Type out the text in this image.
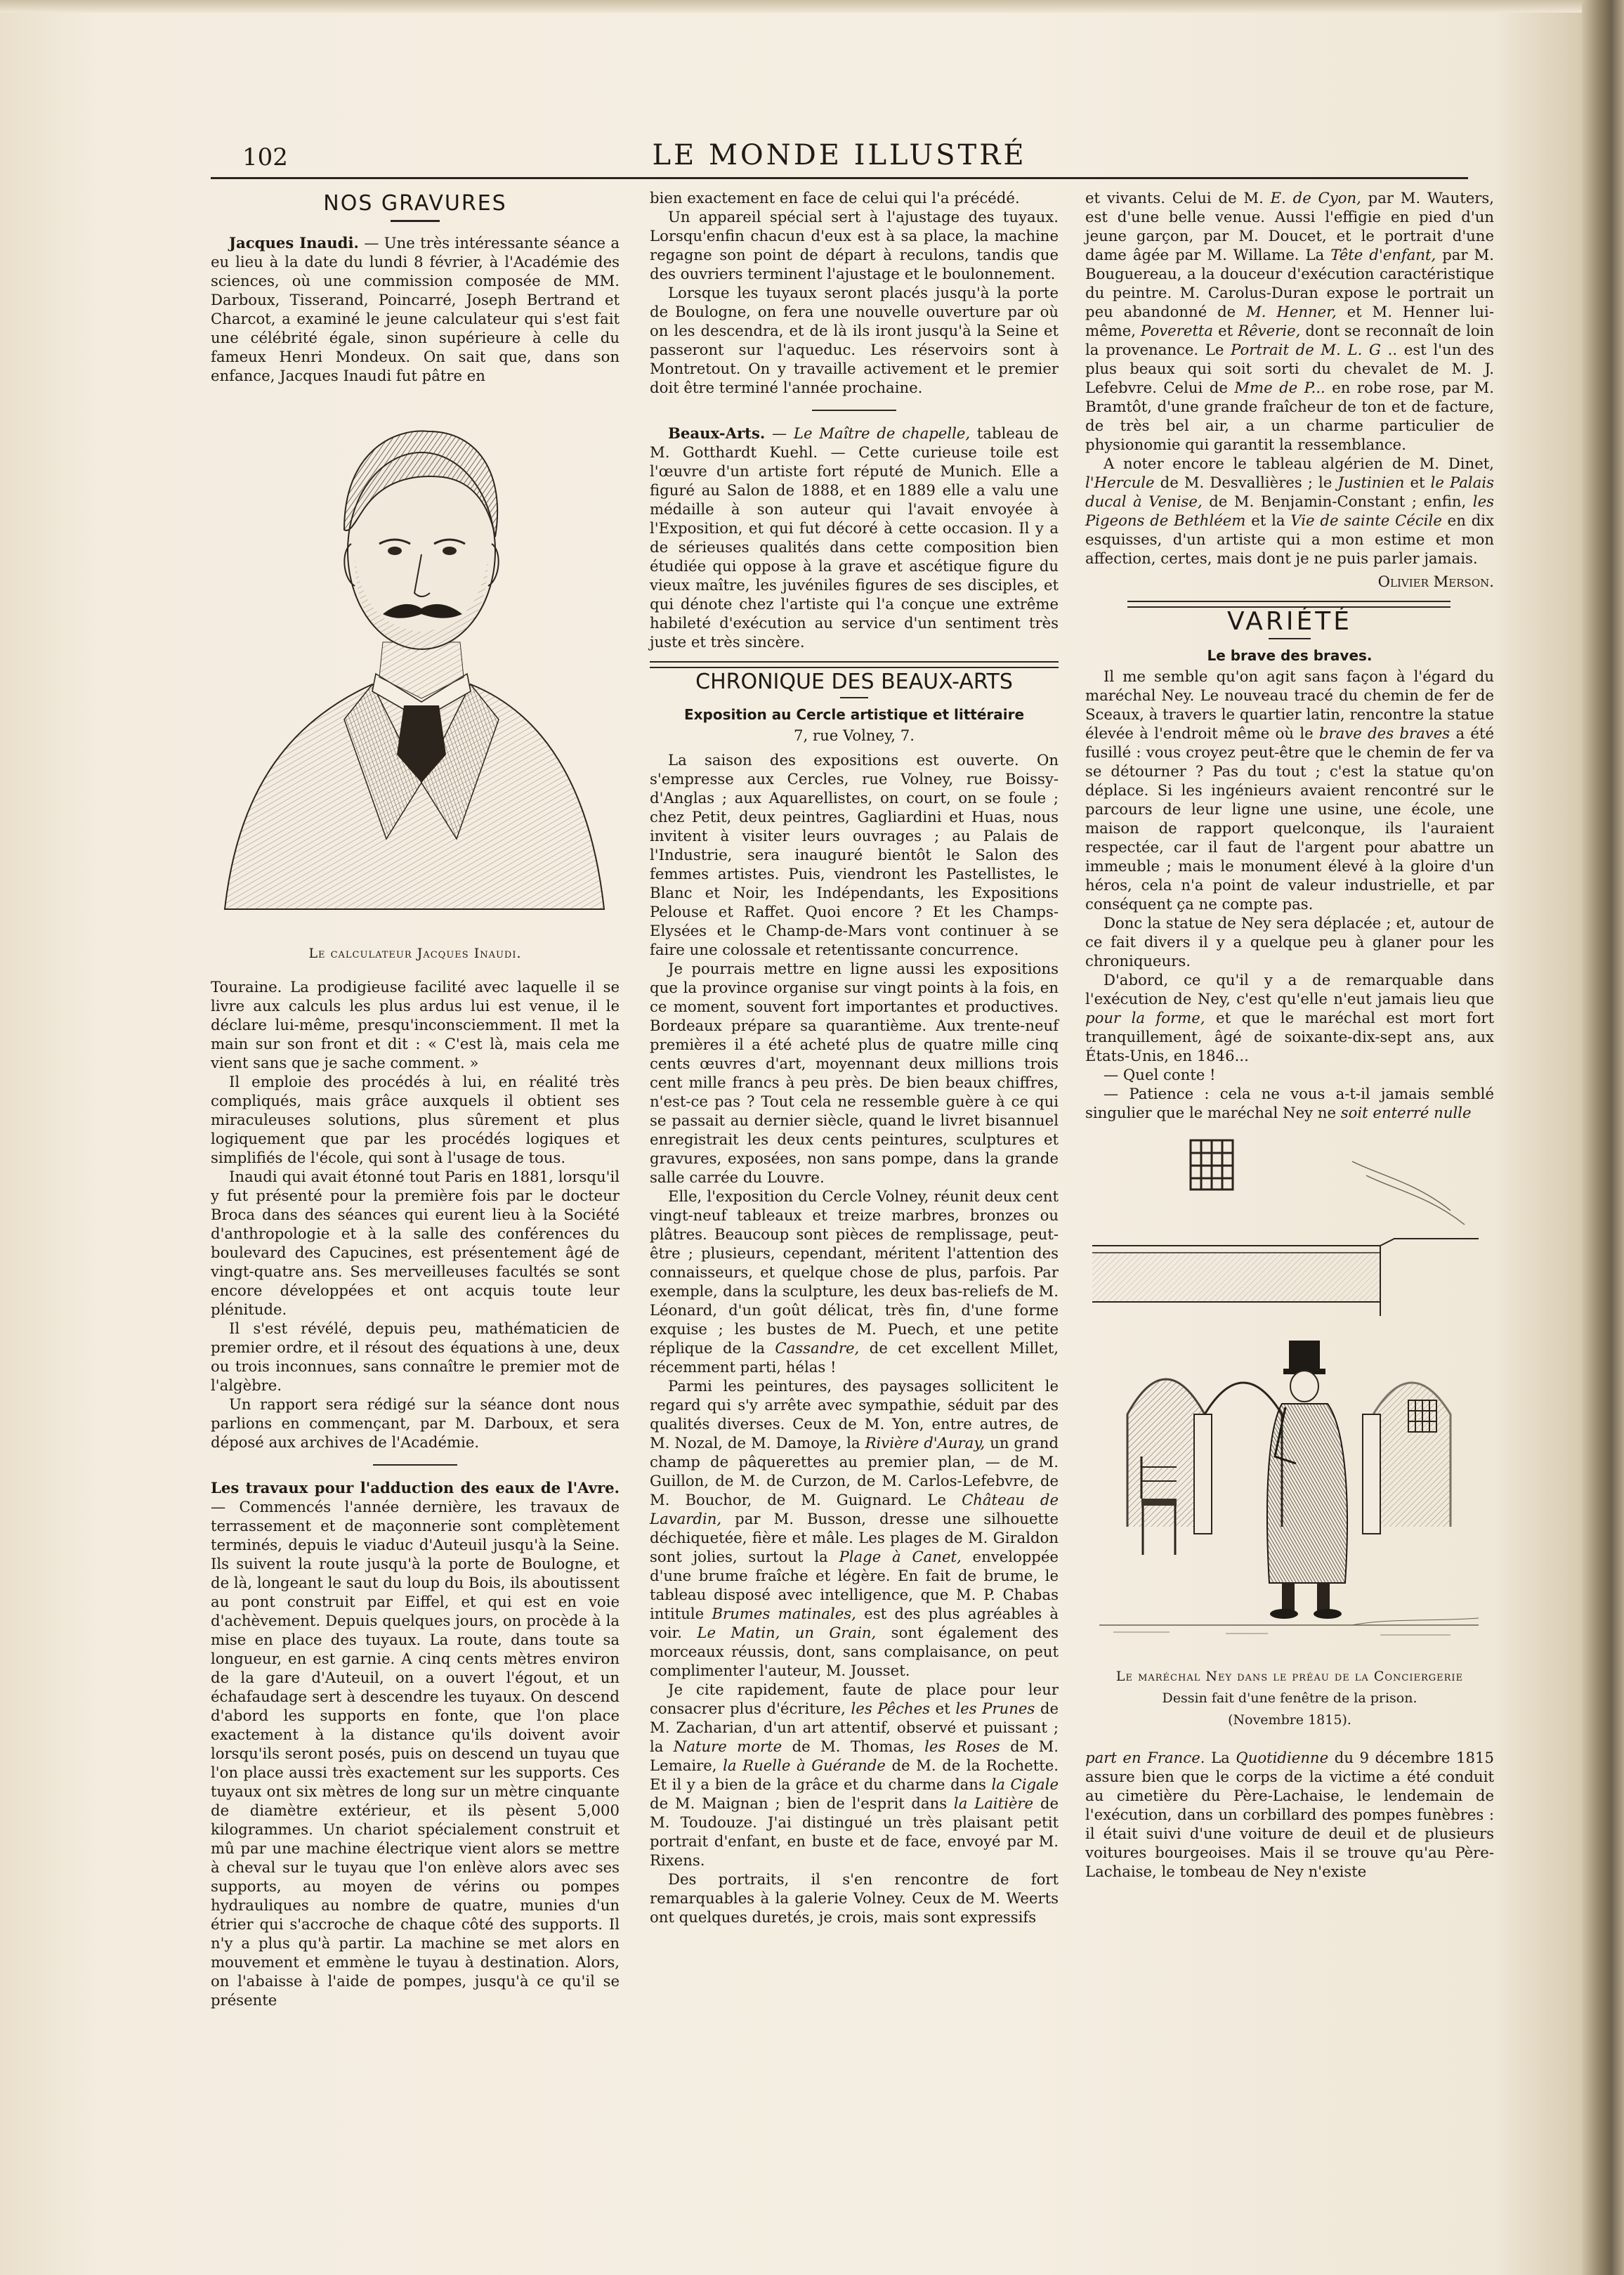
102	LE MONDE ILLUSTRÉ
NOS GRAVURES

Jacques Inaudi. — Une très intéressante séance a eu lieu à la date du lundi 8 février, à l'Académie des sciences, où une commission composée de MM. Darboux, Tisserand, Poincarré, Joseph Bertrand et Charcot, a examiné le jeune calculateur qui s'est fait une célébrité égale, sinon supérieure à celle du fameux Henri Mondeux. On sait que, dans son enfance, Jacques Inaudi fut pâtre en

Le calculateur Jacques Inaudi.

Touraine. La prodigieuse facilité avec laquelle il se livre aux calculs les plus ardus lui est venue, il le déclare lui-même, presqu'inconsciemment. Il met la main sur son front et dit : « C'est là, mais cela me vient sans que je sache comment. »

Il emploie des procédés à lui, en réalité très compliqués, mais grâce auxquels il obtient ses miraculeuses solutions, plus sûrement et plus logiquement que par les procédés logiques et simplifiés de l'école, qui sont à l'usage de tous.

Inaudi qui avait étonné tout Paris en 1881, lorsqu'il y fut présenté pour la première fois par le docteur Broca dans des séances qui eurent lieu à la Société d'anthropologie et à la salle des conférences du boulevard des Capucines, est présentement âgé de vingt-quatre ans. Ses merveilleuses facultés se sont encore développées et ont acquis toute leur plénitude.

Il s'est révélé, depuis peu, mathématicien de premier ordre, et il résout des équations à une, deux ou trois inconnues, sans connaître le premier mot de l'algèbre.

Un rapport sera rédigé sur la séance dont nous parlions en commençant, par M. Darboux, et sera déposé aux archives de l'Académie.

Les travaux pour l'adduction des eaux de l'Avre.— Commencés l'année dernière, les travaux de terrassement et de maçonnerie sont complètement terminés, depuis le viaduc d'Auteuil jusqu'à la Seine. Ils suivent la route jusqu'à la porte de Boulogne, et de là, longeant le saut du loup du Bois, ils aboutissent au pont construit par Eiffel, et qui est en voie d'achèvement. Depuis quelques jours, on procède à la mise en place des tuyaux. La route, dans toute sa longueur, en est garnie. A cinq cents mètres environ de la gare d'Auteuil, on a ouvert l'égout, et un échafaudage sert à descendre les tuyaux. On descend d'abord les supports en fonte, que l'on place exactement à la distance qu'ils doivent avoir lorsqu'ils seront posés, puis on descend un tuyau que l'on place aussi très exactement sur les supports. Ces tuyaux ont six mètres de long sur un mètre cinquante de diamètre extérieur, et ils pèsent 5,000 kilogrammes. Un chariot spécialement construit et mû par une machine électrique vient alors se mettre à cheval sur le tuyau que l'on enlève alors avec ses supports, au moyen de vérins ou pompes hydrauliques au nombre de quatre, munies d'un étrier qui s'accroche de chaque côté des supports. Il n'y a plus qu'à partir. La machine se met alors en mouvement et emmène le tuyau à destination. Alors, on l'abaisse à l'aide de pompes, jusqu'à ce qu'il se présente

bien exactement en face de celui qui l'a précédé.

Un appareil spécial sert à l'ajustage des tuyaux. Lorsqu'enfin chacun d'eux est à sa place, la machine regagne son point de départ à reculons, tandis que des ouvriers terminent l'ajustage et le boulonnement.

Lorsque les tuyaux seront placés jusqu'à la porte de Boulogne, on fera une nouvelle ouverture par où on les descendra, et de là ils iront jusqu'à la Seine et passeront sur l'aqueduc. Les réservoirs sont à Montretout. On y travaille activement et le premier doit être terminé l'année prochaine.

Beaux-Arts. — Le Maître de chapelle, tableau de M. Gotthardt Kuehl. — Cette curieuse toile est l'œuvre d'un artiste fort réputé de Munich. Elle a figuré au Salon de 1888, et en 1889 elle a valu une médaille à son auteur qui l'avait envoyée à l'Exposition, et qui fut décoré à cette occasion. Il y a de sérieuses qualités dans cette composition bien étudiée qui oppose à la grave et ascétique figure du vieux maître, les juvéniles figures de ses disciples, et qui dénote chez l'artiste qui l'a conçue une extrême habileté d'exécution au service d'un sentiment très juste et très sincère.

CHRONIQUE DES BEAUX-ARTS
Exposition au Cercle artistique et littéraire
7, rue Volney, 7.

La saison des expositions est ouverte. On s'empresse aux Cercles, rue Volney, rue Boissy-d'Anglas ; aux Aquarellistes, on court, on se foule ; chez Petit, deux peintres, Gagliardini et Huas, nous invitent à visiter leurs ouvrages ; au Palais de l'Industrie, sera inauguré bientôt le Salon des femmes artistes. Puis, viendront les Pastellistes, le Blanc et Noir, les Indépendants, les Expositions Pelouse et Raffet. Quoi encore ? Et les Champs-Elysées et le Champ-de-Mars vont continuer à se faire une colossale et retentissante concurrence.

Je pourrais mettre en ligne aussi les expositions que la province organise sur vingt points à la fois, en ce moment, souvent fort importantes et productives. Bordeaux prépare sa quarantième. Aux trente-neuf premières il a été acheté plus de quatre mille cinq cents œuvres d'art, moyennant deux millions trois cent mille francs à peu près. De bien beaux chiffres, n'est-ce pas ? Tout cela ne ressemble guère à ce qui se passait au dernier siècle, quand le livret bisannuel enregistrait les deux cents peintures, sculptures et gravures, exposées, non sans pompe, dans la grande salle carrée du Louvre.

Elle, l'exposition du Cercle Volney, réunit deux cent vingt-neuf tableaux et treize marbres, bronzes ou plâtres. Beaucoup sont pièces de remplissage, peut-être ; plusieurs, cependant, méritent l'attention des connaisseurs, et quelque chose de plus, parfois. Par exemple, dans la sculpture, les deux bas-reliefs de M. Léonard, d'un goût délicat, très fin, d'une forme exquise ; les bustes de M. Puech, et une petite réplique de la Cassandre, de cet excellent Millet, récemment parti, hélas !

Parmi les peintures, des paysages sollicitent le regard qui s'y arrête avec sympathie, séduit par des qualités diverses. Ceux de M. Yon, entre autres, de M. Nozal, de M. Damoye, la Rivière d'Auray, un grand champ de pâquerettes au premier plan, — de M. Guillon, de M. de Curzon, de M. Carlos-Lefebvre, de M. Bouchor, de M. Guignard. Le Château de Lavardin, par M. Busson, dresse une silhouette déchiquetée, fière et mâle. Les plages de M. Giraldon sont jolies, surtout la Plage à Canet, enveloppée d'une brume fraîche et légère. En fait de brume, le tableau disposé avec intelligence, que M. P. Chabas intitule Brumes matinales, est des plus agréables à voir. Le Matin, un Grain, sont également des morceaux réussis, dont, sans complaisance, on peut complimenter l'auteur, M. Jousset.

Je cite rapidement, faute de place pour leur consacrer plus d'écriture, les Pêches et les Prunes de M. Zacharian, d'un art attentif, observé et puissant ; la Nature morte de M. Thomas, les Roses de M. Lemaire, la Ruelle à Guérande de M. de la Rochette. Et il y a bien de la grâce et du charme dans la Cigale de M. Maignan ; bien de l'esprit dans la Laitière de M. Toudouze. J'ai distingué un très plaisant petit portrait d'enfant, en buste et de face, envoyé par M. Rixens.

Des portraits, il s'en rencontre de fort remarquables à la galerie Volney. Ceux de M. Weerts ont quelques duretés, je crois, mais sont expressifs

et vivants. Celui de M. E. de Cyon, par M. Wauters, est d'une belle venue. Aussi l'effigie en pied d'un jeune garçon, par M. Doucet, et le portrait d'une dame âgée par M. Willame. La Tête d'enfant, par M. Bouguereau, a la douceur d'exécution caractéristique du peintre. M. Carolus-Duran expose le portrait un peu abandonné de M. Henner, et M. Henner lui-même, Poveretta et Rêverie, dont se reconnaît de loin la provenance. Le Portrait de M. L. G .. est l'un des plus beaux qui soit sorti du chevalet de M. J. Lefebvre. Celui de Mme de P... en robe rose, par M. Bramtôt, d'une grande fraîcheur de ton et de facture, de très bel air, a un charme particulier de physionomie qui garantit la ressemblance.

A noter encore le tableau algérien de M. Dinet, l'Hercule de M. Desvallières ; le Justinien et le Palais ducal à Venise, de M. Benjamin-Constant ; enfin, les Pigeons de Bethléem et la Vie de sainte Cécile en dix esquisses, d'un artiste qui a mon estime et mon affection, certes, mais dont je ne puis parler jamais.

Olivier Merson.
VARIÉTÉ
Le brave des braves.

Il me semble qu'on agit sans façon à l'égard du maréchal Ney. Le nouveau tracé du chemin de fer de Sceaux, à travers le quartier latin, rencontre la statue élevée à l'endroit même où le brave des braves a été fusillé : vous croyez peut-être que le chemin de fer va se détourner ? Pas du tout ; c'est la statue qu'on déplace. Si les ingénieurs avaient rencontré sur le parcours de leur ligne une usine, une école, une maison de rapport quelconque, ils l'auraient respectée, car il faut de l'argent pour abattre un immeuble ; mais le monument élevé à la gloire d'un héros, cela n'a point de valeur industrielle, et par conséquent ça ne compte pas.

Donc la statue de Ney sera déplacée ; et, autour de ce fait divers il y a quelque peu à glaner pour les chroniqueurs.

D'abord, ce qu'il y a de remarquable dans l'exécution de Ney, c'est qu'elle n'eut jamais lieu que pour la forme, et que le maréchal est mort fort tranquillement, âgé de soixante-dix-sept ans, aux États-Unis, en 1846...

— Quel conte !

— Patience : cela ne vous a-t-il jamais semblé singulier que le maréchal Ney ne soit enterré nulle

Le maréchal Ney dans le préau de la Conciergerie
Dessin fait d'une fenêtre de la prison.
(Novembre 1815).

part en France. La Quotidienne du 9 décembre 1815 assure bien que le corps de la victime a été conduit au cimetière du Père-Lachaise, le lendemain de l'exécution, dans un corbillard des pompes funèbres : il était suivi d'une voiture de deuil et de plusieurs voitures bourgeoises. Mais il se trouve qu'au Père-Lachaise, le tombeau de Ney n'existe
